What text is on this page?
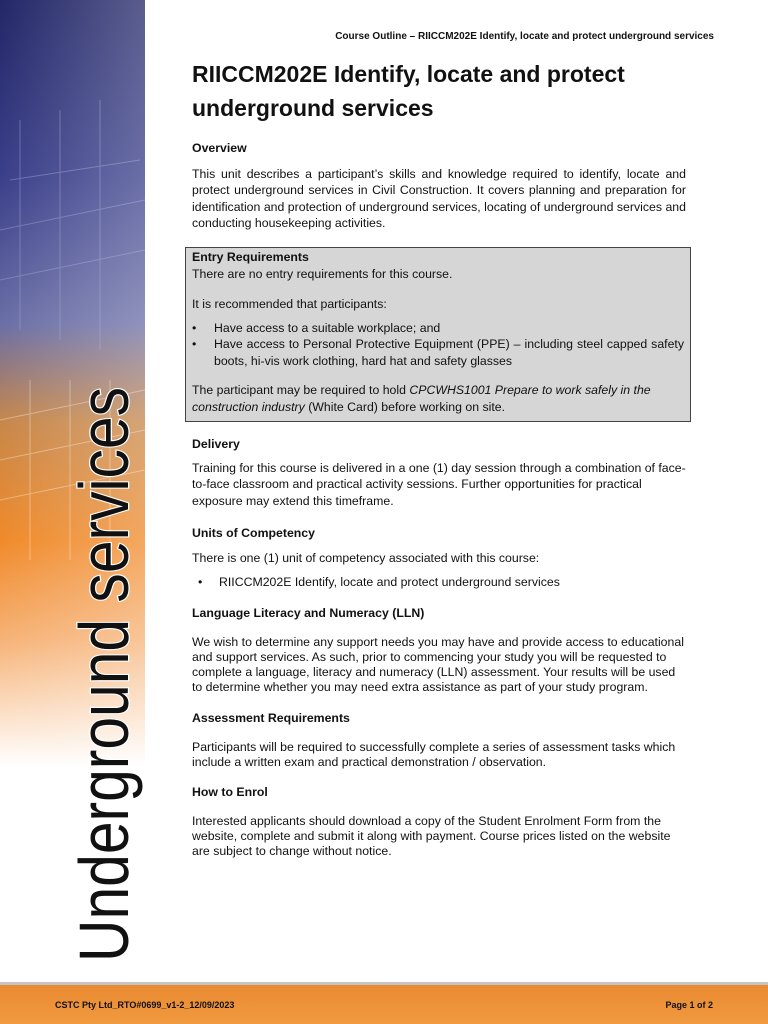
Underground services
Course Outline – RIICCM202E Identify, locate and protect underground services
RIICCM202E Identify, locate and protect
underground services

Overview

This unit describes a participant’s skills and knowledge required to identify, locate and protect underground services in Civil Construction. It covers planning and preparation for identification and protection of underground services, locating of underground services and conducting housekeeping activities.

Entry Requirements

There are no entry requirements for this course.

It is recommended that participants:

• Have access to a suitable workplace; and
• Have access to Personal Protective Equipment (PPE) – including steel capped safety boots, hi-vis work clothing, hard hat and safety glasses

The participant may be required to hold CPCWHS1001 Prepare to work safely in the construction industry (White Card) before working on site.

Delivery

Training for this course is delivered in a one (1) day session through a combination of face-to-face classroom and practical activity sessions. Further opportunities for practical exposure may extend this timeframe.

Units of Competency

There is one (1) unit of competency associated with this course:

• RIICCM202E Identify, locate and protect underground services

Language Literacy and Numeracy (LLN)

We wish to determine any support needs you may have and provide access to educational
and support services. As such, prior to commencing your study you will be requested to
complete a language, literacy and numeracy (LLN) assessment. Your results will be used
to determine whether you may need extra assistance as part of your study program.

Assessment Requirements

Participants will be required to successfully complete a series of assessment tasks which
include a written exam and practical demonstration / observation.

How to Enrol

Interested applicants should download a copy of the Student Enrolment Form from the
website, complete and submit it along with payment. Course prices listed on the website
are subject to change without notice.

CSTC Pty Ltd_RTO#0699_v1-2_12/09/2023	Page 1 of 2
